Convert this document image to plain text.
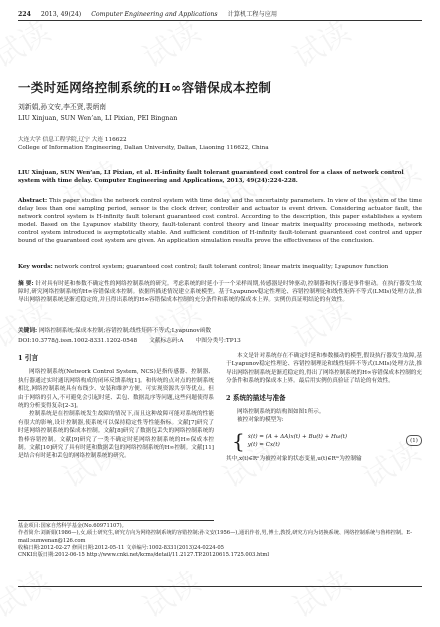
224 2013, 49(24) Computer Engineering and Applications 计算机工程与应用
一类时延网络控制系统的H∞容错保成本控制
刘新娟,孙文安,李丕贤,裴炳南
LIU Xinjuan, SUN Wen’an, LI Pixian, PEI Bingnan
大连大学 信息工程学院,辽宁 大连 116622
College of Information Engineering, Dalian University, Dalian, Liaoning 116622, China
LIU Xinjuan, SUN Wen’an, LI Pixian, et al. H-infinity fault tolerant guaranteed cost control for a class of network control system with time delay. Computer Engineering and Applications, 2013, 49(24):224-228.
Abstract: This paper studies the network control system with time delay and the uncertainty parameters. In view of the system of the time delay less than one sampling period, sensor is the clock driver, controller and actuator is event driven. Considering actuator fault, the network control system is H-infinity fault tolerant guaranteed cost control. According to the description, this paper establishes a system model. Based on the Lyapunov stability theory, fault-tolerant control theory and linear matrix inequality processing methods, network control system introduced is asymptotically stable. And sufficient condition of H-infinity fault-tolerant guaranteed cost control and upper bound of the guaranteed cost system are given. An application simulation results prove the effectiveness of the conclusion.
Key words: network control system; guaranteed cost control; fault tolerant control; linear matrix inequality; Lyapunov function
摘 要: 针对具有时延和参数不确定性的网络控制系统的研究。考虑系统的时延小于一个采样周期,传感器是时钟驱动,控制器和执行器是事件驱动。在执行器发生故障时,研究网络控制系统的H∞容错保成本控制。依据所描述情况建立系统模型。基于Lyapunov稳定性理论、容错控制理论和线性矩阵不等式(LMIs)处理方法,推导出网络控制系统是渐近稳定的,并且得出系统的H∞容错保成本控制的充分条件和系统的保成本上界。实例仿真证明结论的有效性。
关键词: 网络控制系统;保成本控制;容错控制;线性矩阵不等式;Lyapunov函数
DOI:10.3778/j.issn.1002-8331.1202-0548 文献标志码:A 中图分类号:TP13
1 引言
网络控制系统(Network Control System, NCS)是指传感器、控制器、执行器通过实时通讯网络构成的闭环反馈系统[1]。和传统的点对点的控制系统相比,网络控制系统具有布线少、安装和维护方便、可实现资源共享等优点。但由于网络的引入,不可避免会引起时延、丢包、数据乱序等问题,这些问题使得系统的分析变得复杂[2-3]。
控制系统是在控制系统发生故障的情况下,而且这种故障可能对系统的性能有很大的影响,设计控制器,使系统可以保持稳定性等性能指标。文献[7]研究了时延网络控制系统的保成本控制。文献[8]研究了数据包丢失的网络控制系统的鲁棒容错控制。文献[9]研究了一类不确定时延网络控制系统的H∞保成本控制。文献[10]研究了具有时延和数据丢包的网络控制系统的H∞控制。文献[11]是结合有时延和丢包的网络控制系统的研究。
本文是针对系统存在不确定时延和参数摄动的模型,假设执行器发生故障,基于Lyapunov稳定性理论、容错控制理论和线性矩阵不等式(LMIs)处理方法,推导出网络控制系统是渐近稳定的,得出了网络控制系统的H∞容错保成本控制的充分条件和系统的保成本上界。最后用实例仿真验证了结论的有效性。
2 系统的描述与准备
网络控制系统的结构图如图1所示。
被控对象的模型为:
{ ẋ(t) = (A + ΔA)x(t) + Bu(t) + Hω(t)
y(t) = Cx(t)
(1)
其中,x(t)∈Rⁿ为被控对象的状态变量,u(t)∈Rᵐ为控制输
基金项目:国家自然科学基金(No.60971107)。
作者简介:刘新娟(1986—),女,硕士研究生,研究方向为网络控制系统的容错控制;孙文安(1956—),通讯作者,男,博士,教授,研究方向为切换系统、网络控制系统与鲁棒控制。E-mail:sunwenan@126.com
收稿日期:2012-02-27 修回日期:2012-05-11 文章编号:1002-8331(2013)24-0224-05
CNKI出版日期:2012-06-15 http://www.cnki.net/kcms/detail/11.2127.TP.20120615.1725.003.html
